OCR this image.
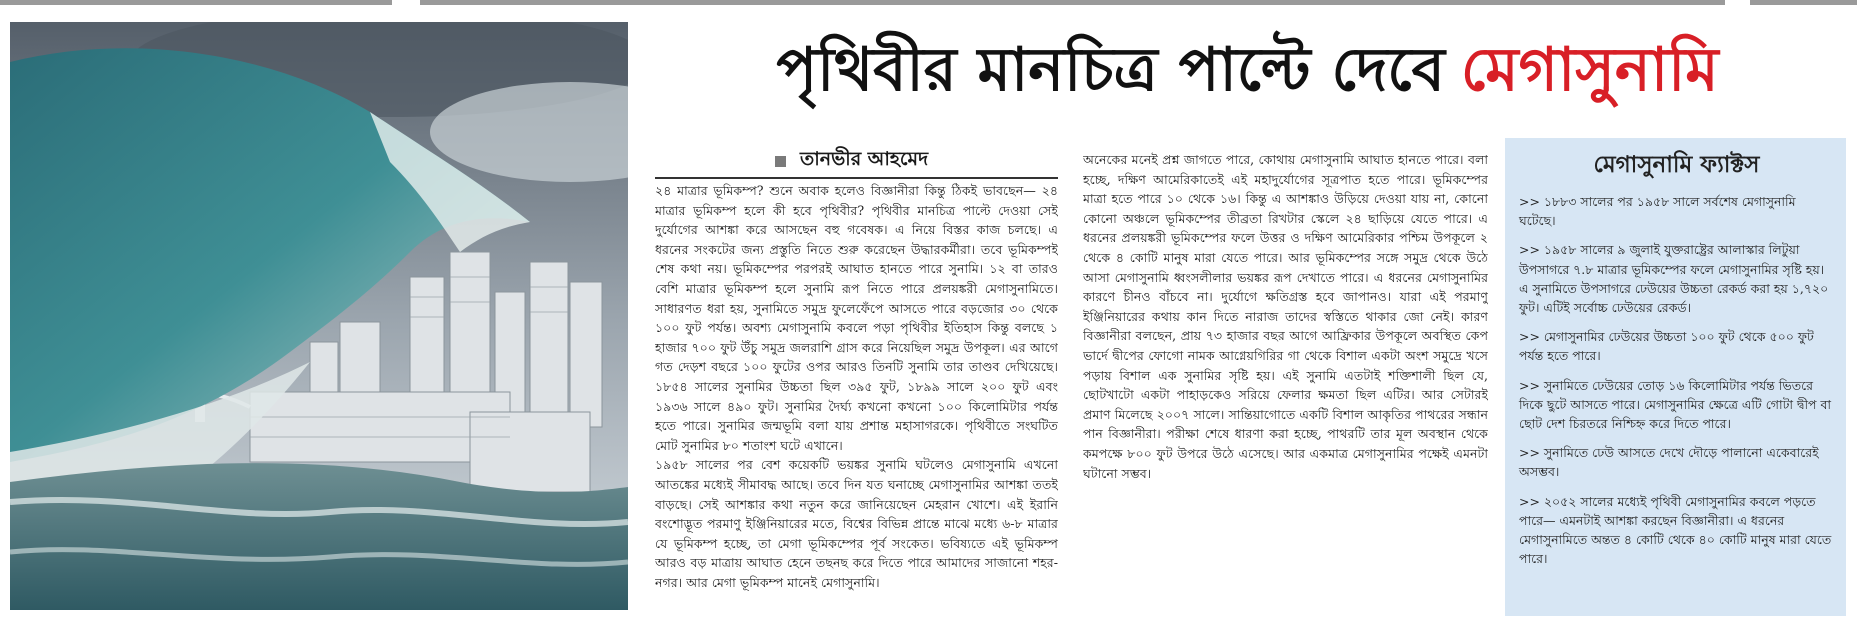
পৃথিবীর মানচিত্র পাল্টে দেবে মেগাসুনামি
তানভীর আহমেদ

২৪ মাত্রার ভূমিকম্প? শুনে অবাক হলেও বিজ্ঞানীরা কিন্তু ঠিকই ভাবছেন— ২৪ মাত্রার ভূমিকম্প হলে কী হবে পৃথিবীর? পৃথিবীর মানচিত্র পাল্টে দেওয়া সেই দুর্যোগের আশঙ্কা করে আসছেন বহু গবেষক। এ নিয়ে বিস্তর কাজ চলছে। এ ধরনের সংকটের জন্য প্রস্তুতি নিতে শুরু করেছেন উদ্ধারকর্মীরা। তবে ভূমিকম্পই শেষ কথা নয়। ভূমিকম্পের পরপরই আঘাত হানতে পারে সুনামি। ১২ বা তারও বেশি মাত্রার ভূমিকম্প হলে সুনামি রূপ নিতে পারে প্রলয়ঙ্করী মেগাসুনামিতে। সাধারণত ধরা হয়, সুনামিতে সমুদ্র ফুলেফেঁপে আসতে পারে বড়জোর ৩০ থেকে ১০০ ফুট পর্যন্ত। অবশ্য মেগাসুনামি কবলে পড়া পৃথিবীর ইতিহাস কিন্তু বলছে ১ হাজার ৭০০ ফুট উঁচু সমুদ্র জলরাশি গ্রাস করে নিয়েছিল সমুদ্র উপকূল। এর আগে গত দেড়শ বছরে ১০০ ফুটের ওপর আরও তিনটি সুনামি তার তাণ্ডব দেখিয়েছে। ১৮৫৪ সালের সুনামির উচ্চতা ছিল ৩৯৫ ফুট, ১৮৯৯ সালে ২০০ ফুট এবং ১৯৩৬ সালে ৪৯০ ফুট। সুনামির দৈর্ঘ্য কখনো কখনো ১০০ কিলোমিটার পর্যন্ত হতে পারে। সুনামির জন্মভূমি বলা যায় প্রশান্ত মহাসাগরকে। পৃথিবীতে সংঘটিত মোট সুনামির ৮০ শতাংশ ঘটে এখানে।

১৯৫৮ সালের পর বেশ কয়েকটি ভয়ঙ্কর সুনামি ঘটলেও মেগাসুনামি এখনো আতঙ্কের মধ্যেই সীমাবদ্ধ আছে। তবে দিন যত ঘনাচ্ছে মেগাসুনামির আশঙ্কা ততই বাড়ছে। সেই আশঙ্কার কথা নতুন করে জানিয়েছেন মেহরান খোশে। এই ইরানি বংশোদ্ভূত পরমাণু ইঞ্জিনিয়ারের মতে, বিশ্বের বিভিন্ন প্রান্তে মাঝে মধ্যে ৬-৮ মাত্রার যে ভূমিকম্প হচ্ছে, তা মেগা ভূমিকম্পের পূর্ব সংকেত। ভবিষ্যতে এই ভূমিকম্প আরও বড় মাত্রায় আঘাত হেনে তছনছ করে দিতে পারে আমাদের সাজানো শহর-নগর। আর মেগা ভূমিকম্প মানেই মেগাসুনামি।

অনেকের মনেই প্রশ্ন জাগতে পারে, কোথায় মেগাসুনামি আঘাত হানতে পারে। বলা হচ্ছে, দক্ষিণ আমেরিকাতেই এই মহাদুর্যোগের সূত্রপাত হতে পারে। ভূমিকম্পের মাত্রা হতে পারে ১০ থেকে ১৬। কিন্তু এ আশঙ্কাও উড়িয়ে দেওয়া যায় না, কোনো কোনো অঞ্চলে ভূমিকম্পের তীব্রতা রিখটার স্কেলে ২৪ ছাড়িয়ে যেতে পারে। এ ধরনের প্রলয়ঙ্করী ভূমিকম্পের ফলে উত্তর ও দক্ষিণ আমেরিকার পশ্চিম উপকূলে ২ থেকে ৪ কোটি মানুষ মারা যেতে পারে। আর ভূমিকম্পের সঙ্গে সমুদ্র থেকে উঠে আসা মেগাসুনামি ধ্বংসলীলার ভয়ঙ্কর রূপ দেখাতে পারে। এ ধরনের মেগাসুনামির কারণে চীনও বাঁচবে না। দুর্যোগে ক্ষতিগ্রস্ত হবে জাপানও। যারা এই পরমাণু ইঞ্জিনিয়ারের কথায় কান দিতে নারাজ তাদের স্বস্তিতে থাকার জো নেই। কারণ বিজ্ঞানীরা বলছেন, প্রায় ৭৩ হাজার বছর আগে আফ্রিকার উপকূলে অবস্থিত কেপ ভার্দে দ্বীপের ফোগো নামক আগ্নেয়গিরির গা থেকে বিশাল একটা অংশ সমুদ্রে খসে পড়ায় বিশাল এক সুনামির সৃষ্টি হয়। এই সুনামি এতটাই শক্তিশালী ছিল যে, ছোটখাটো একটা পাহাড়কেও সরিয়ে ফেলার ক্ষমতা ছিল এটির। আর সেটারই প্রমাণ মিলেছে ২০০৭ সালে। সান্তিয়াগোতে একটি বিশাল আকৃতির পাথরের সন্ধান পান বিজ্ঞানীরা। পরীক্ষা শেষে ধারণা করা হচ্ছে, পাথরটি তার মূল অবস্থান থেকে কমপক্ষে ৮০০ ফুট উপরে উঠে এসেছে। আর একমাত্র মেগাসুনামির পক্ষেই এমনটা ঘটানো সম্ভব।

মেগাসুনামি ফ্যাক্টস
>> ১৮৮৩ সালের পর ১৯৫৮ সালে সর্বশেষ মেগাসুনামি ঘটেছে।
>> ১৯৫৮ সালের ৯ জুলাই যুক্তরাষ্ট্রের আলাস্কার লিটুয়া উপসাগরে ৭.৮ মাত্রার ভূমিকম্পের ফলে মেগাসুনামির সৃষ্টি হয়। এ সুনামিতে উপসাগরে ঢেউয়ের উচ্চতা রেকর্ড করা হয় ১,৭২০ ফুট। এটিই সর্বোচ্চ ঢেউয়ের রেকর্ড।
>> মেগাসুনামির ঢেউয়ের উচ্চতা ১০০ ফুট থেকে ৫০০ ফুট পর্যন্ত হতে পারে।
>> সুনামিতে ঢেউয়ের তোড় ১৬ কিলোমিটার পর্যন্ত ভিতরে দিকে ছুটে আসতে পারে। মেগাসুনামির ক্ষেত্রে এটি গোটা দ্বীপ বা ছোট দেশ চিরতরে নিশ্চিহ্ন করে দিতে পারে।
>> সুনামিতে ঢেউ আসতে দেখে দৌড়ে পালানো একেবারেই অসম্ভব।
>> ২০৫২ সালের মধ্যেই পৃথিবী মেগাসুনামির কবলে পড়তে পারে— এমনটাই আশঙ্কা করছেন বিজ্ঞানীরা। এ ধরনের মেগাসুনামিতে অন্তত ৪ কোটি থেকে ৪০ কোটি মানুষ মারা যেতে পারে।
